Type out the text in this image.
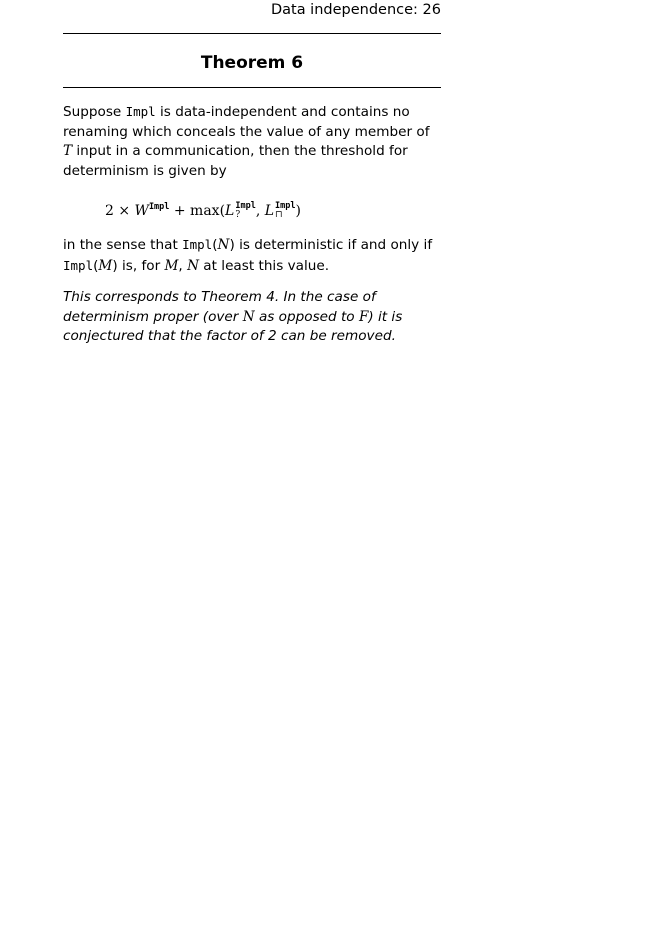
Data independence: 26
Theorem 6
Suppose Impl is data-independent and contains no renaming which conceals the value of any member of T input in a communication, then the threshold for determinism is given by
$2 \times W^{Impl} + \max(L$ Impl
?	, L Impl
⊓ )
in the sense that Impl(N) is deterministic if and only if Impl(M) is, for M, N at least this value.
This corresponds to Theorem 4. In the case of determinism proper (over N as opposed to F) it is conjectured that the factor of 2 can be removed.
